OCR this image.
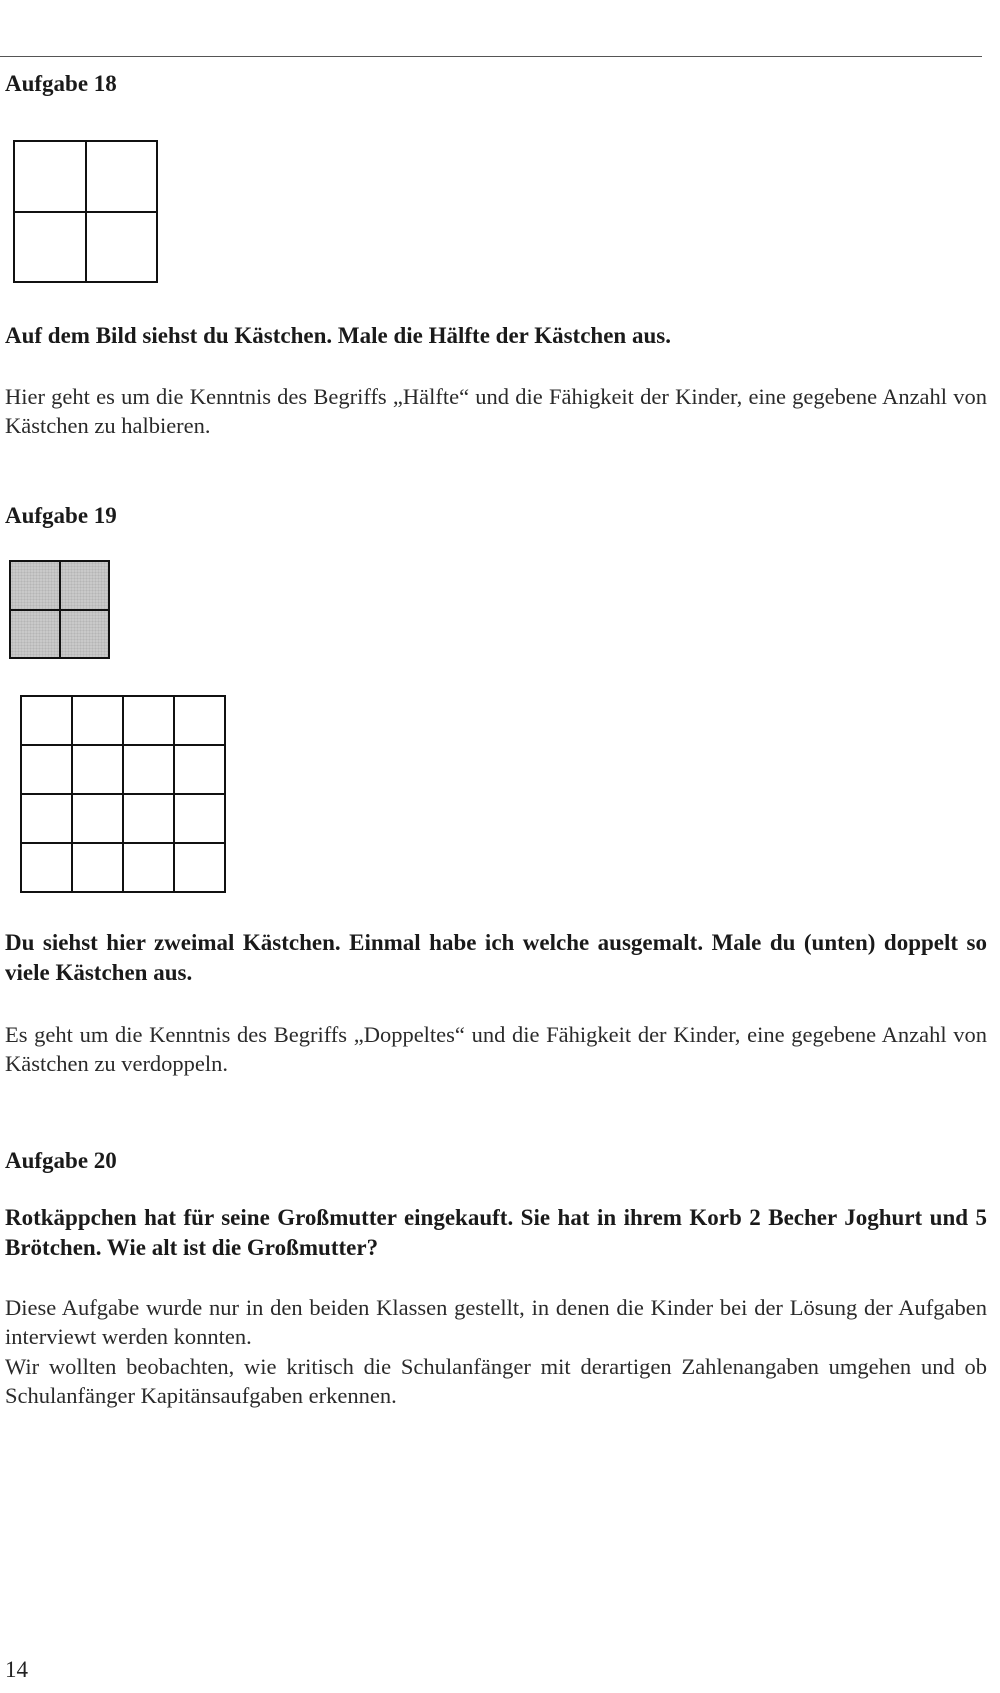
Aufgabe 18

Auf dem Bild siehst du Kästchen. Male die Hälfte der Kästchen aus.

Hier geht es um die Kenntnis des Begriffs „Hälfte“ und die Fähigkeit der Kinder, eine gegebene Anzahl von Kästchen zu halbieren.

Aufgabe 19

Du siehst hier zweimal Kästchen. Einmal habe ich welche ausgemalt. Male du (unten) doppelt so viele Kästchen aus.

Es geht um die Kenntnis des Begriffs „Doppeltes“ und die Fähigkeit der Kinder, eine gegebene Anzahl von Kästchen zu verdoppeln.

Aufgabe 20

Rotkäppchen hat für seine Großmutter eingekauft. Sie hat in ihrem Korb 2 Becher Joghurt und 5 Brötchen. Wie alt ist die Großmutter?

Diese Aufgabe wurde nur in den beiden Klassen gestellt, in denen die Kinder bei der Lösung der Aufgaben interviewt werden konnten.

Wir wollten beobachten, wie kritisch die Schulanfänger mit derartigen Zahlenangaben umgehen und ob Schulanfänger Kapitänsaufgaben erkennen.

14
